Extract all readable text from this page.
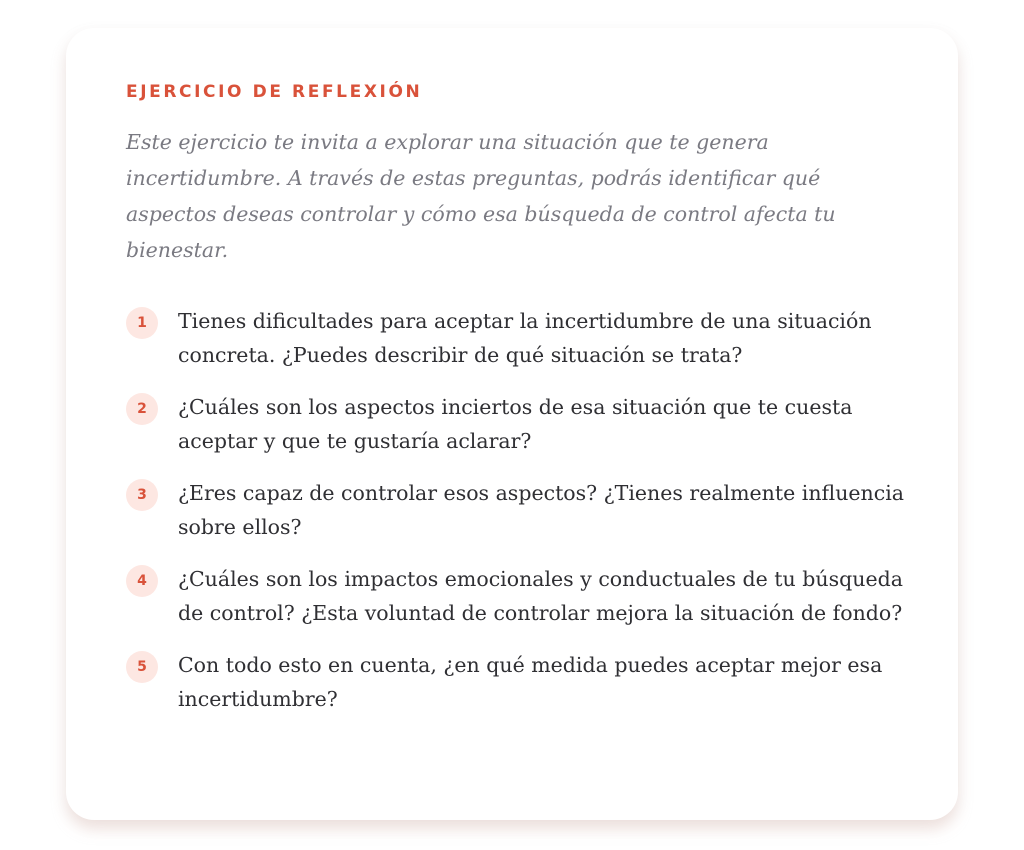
EJERCICIO DE REFLEXIÓN

Este ejercicio te invita a explorar una situación que te genera incertidumbre. A través de estas preguntas, podrás identificar qué aspectos deseas controlar y cómo esa búsqueda de control afecta tu bienestar.

1	Tienes dificultades para aceptar la incertidumbre de una situación concreta. ¿Puedes describir de qué situación se trata?
2	¿Cuáles son los aspectos inciertos de esa situación que te cuesta aceptar y que te gustaría aclarar?
3	¿Eres capaz de controlar esos aspectos? ¿Tienes realmente influencia sobre ellos?
4	¿Cuáles son los impactos emocionales y conductuales de tu búsqueda de control? ¿Esta voluntad de controlar mejora la situación de fondo?
5	Con todo esto en cuenta, ¿en qué medida puedes aceptar mejor esa incertidumbre?
